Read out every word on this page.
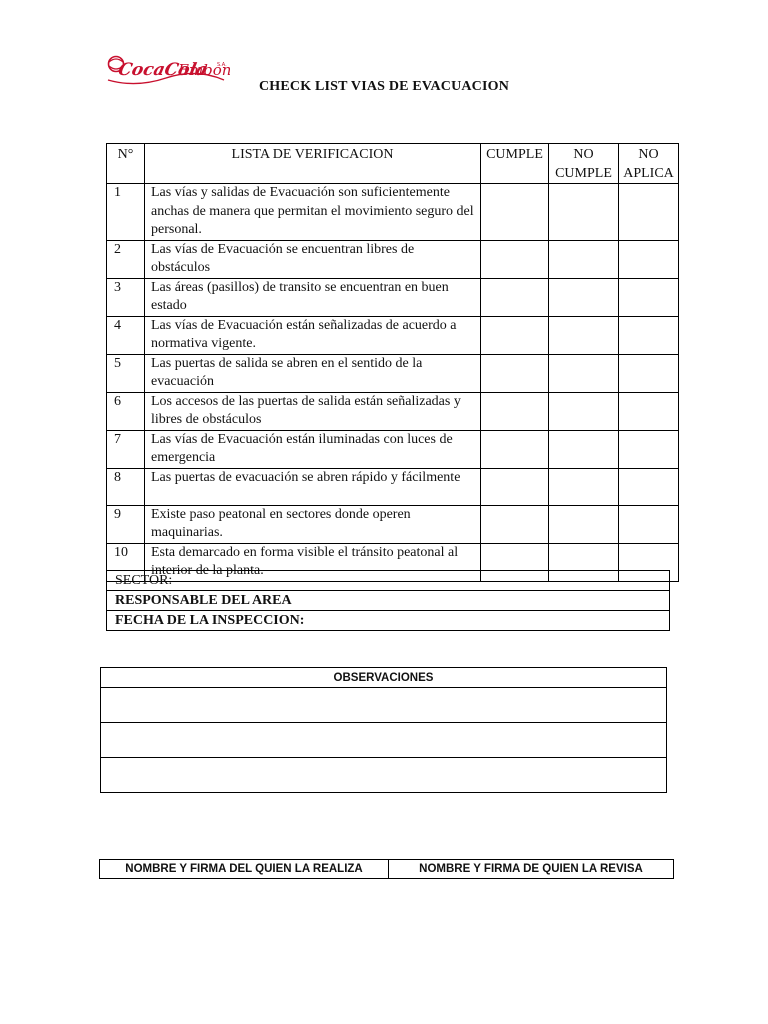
CocaCola
Embon
S.A.
CHECK LIST VIAS DE EVACUACION
N°	LISTA DE VERIFICACION	CUMPLE	NO CUMPLE	NO APLICA
1	Las vías y salidas de Evacuación son suficientemente anchas de manera que permitan el movimiento seguro del personal.			
2	Las vías de Evacuación se encuentran libres de obstáculos			
3	Las áreas (pasillos) de transito se encuentran en buen estado			
4	Las vías de Evacuación están señalizadas de acuerdo a normativa vigente.			
5	Las puertas de salida se abren en el sentido de la evacuación			
6	Los accesos de las puertas de salida están señalizadas y libres de obstáculos			
7	Las vías de Evacuación están iluminadas con luces de emergencia			
8	Las puertas de evacuación se abren rápido y fácilmente			
9	Existe paso peatonal en sectores donde operen maquinarias.			
10	Esta demarcado en forma visible el tránsito peatonal al interior de la planta.			
SECTOR:
RESPONSABLE DEL AREA
FECHA DE LA INSPECCION:
OBSERVACIONES

NOMBRE Y FIRMA DEL QUIEN LA REALIZA	NOMBRE Y FIRMA DE QUIEN LA REVISA
